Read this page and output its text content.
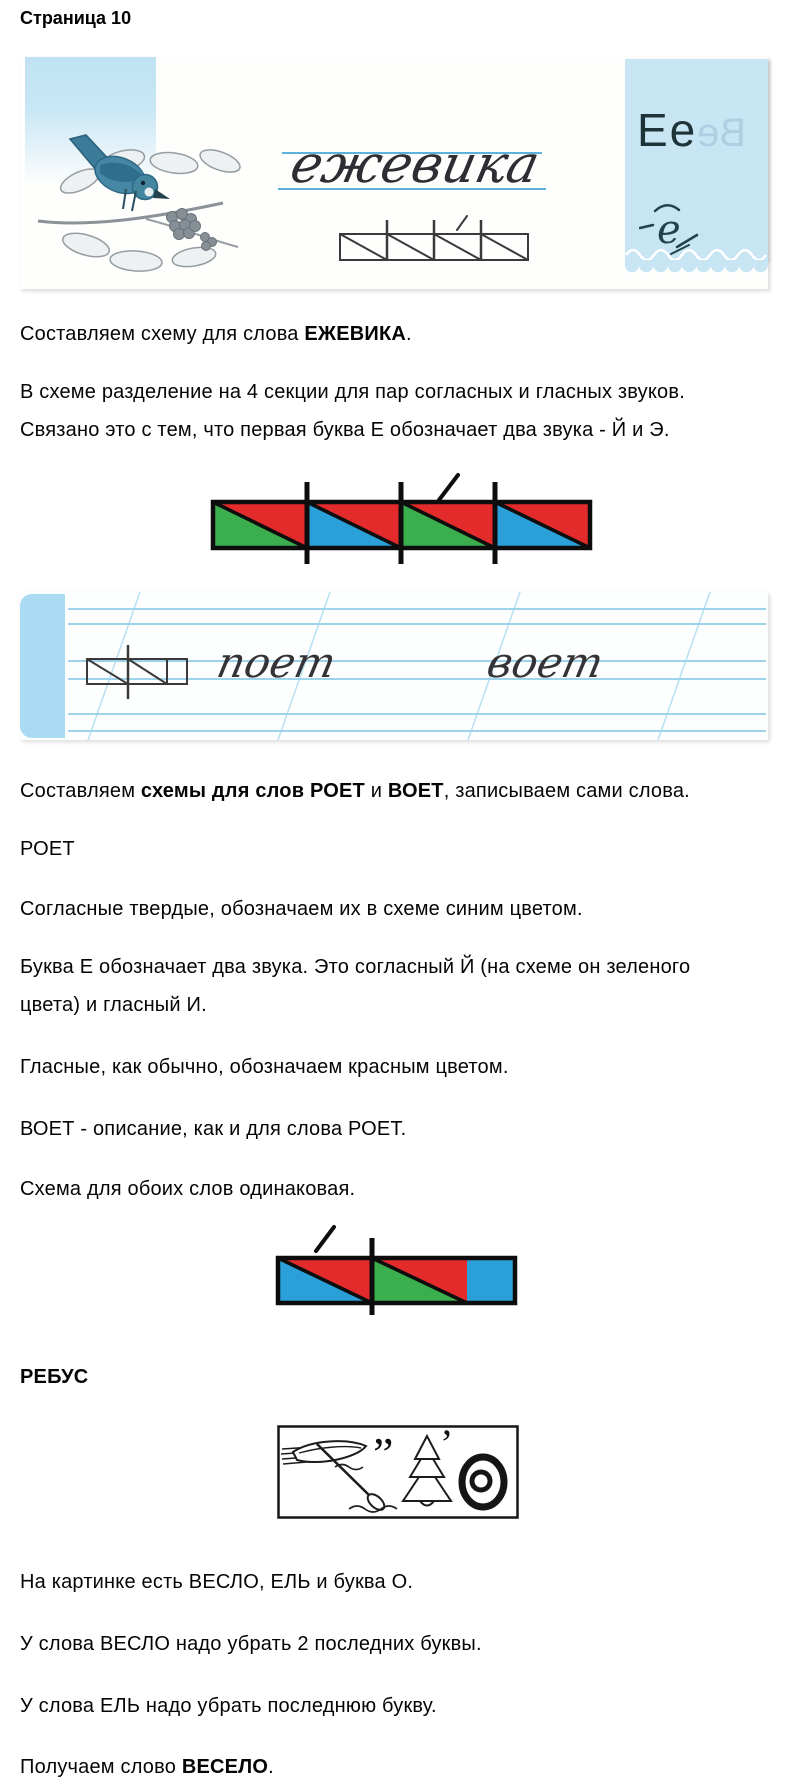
Страница 10
ежевика
Ве
Ее
е

Составляем схему для слова ЕЖЕВИКА.

В схеме разделение на 4 секции для пар согласных и гласных звуков.
Связано это с тем, что первая буква Е обозначает два звука - Й и Э.

поет	воет

Составляем схемы для слов РОЕТ и ВОЕТ, записываем сами слова.

РОЕТ

Согласные твердые, обозначаем их в схеме синим цветом.

Буква Е обозначает два звука. Это согласный Й (на схеме он зеленого
цвета) и гласный И.

Гласные, как обычно, обозначаем красным цветом.

ВОЕТ - описание, как и для слова РОЕТ.

Схема для обоих слов одинаковая.

РЕБУС

” ’

На картинке есть ВЕСЛО, ЕЛЬ и буква О.

У слова ВЕСЛО надо убрать 2 последних буквы.

У слова ЕЛЬ надо убрать последнюю букву.

Получаем слово ВЕСЕЛО.
